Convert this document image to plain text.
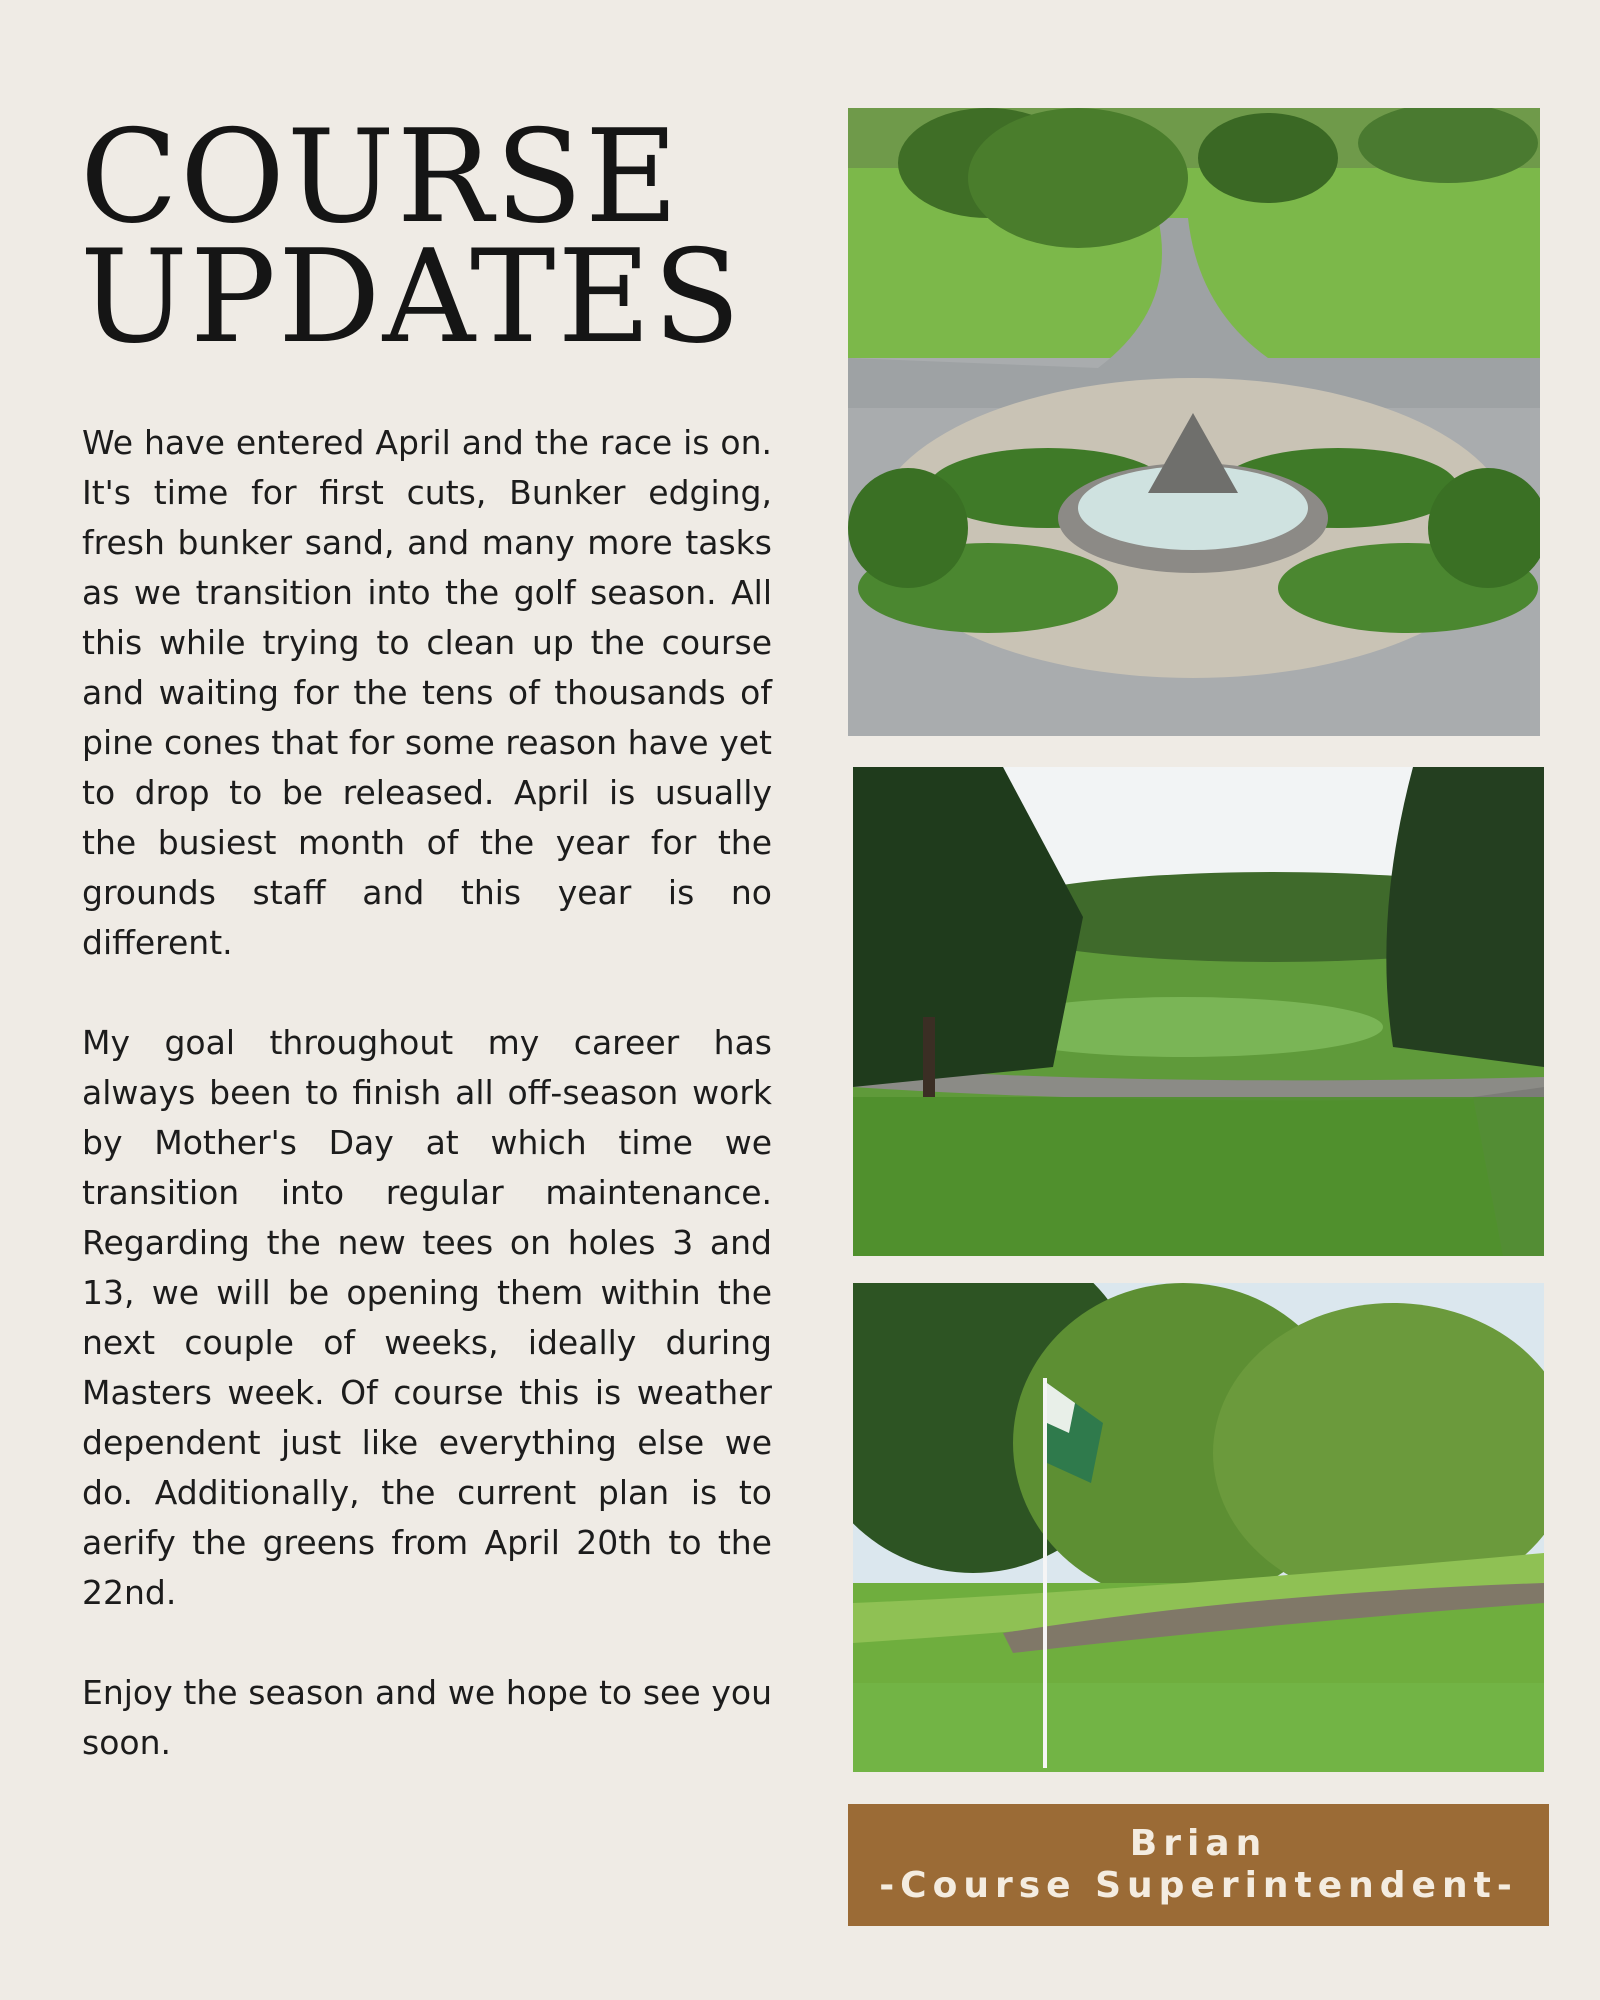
COURSE
UPDATES

We have entered April and the race is on. It's time for first cuts, Bunker edging, fresh bunker sand, and many more tasks as we transition into the golf season. All this while trying to clean up the course and waiting for the tens of thousands of pine cones that for some reason have yet to drop to be released. April is usually the busiest month of the year for the grounds staff and this year is no different.

My goal throughout my career has always been to finish all off-season work by Mother's Day at which time we transition into regular maintenance. Regarding the new tees on holes 3 and 13, we will be opening them within the next couple of weeks, ideally during Masters week. Of course this is weather dependent just like everything else we do. Additionally, the current plan is to aerify the greens from April 20th to the 22nd.

Enjoy the season and we hope to see you soon.

Brian
-Course Superintendent-
